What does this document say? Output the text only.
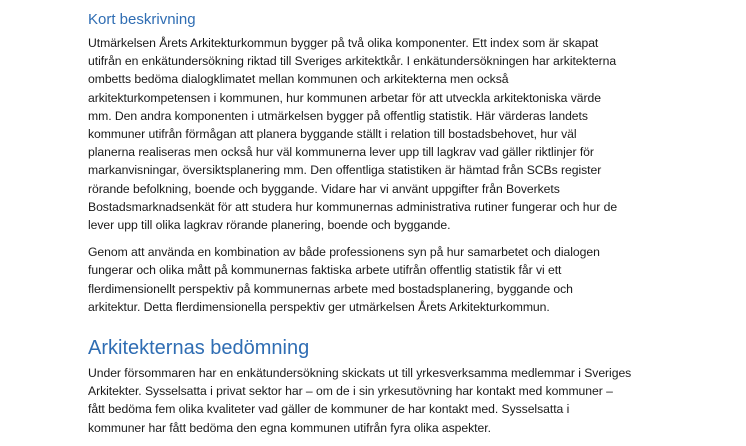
Kort beskrivning

Utmärkelsen Årets Arkitekturkommun bygger på två olika komponenter. Ett index som är skapat
utifrån en enkätundersökning riktad till Sveriges arkitektkår. I enkätundersökningen har arkitekterna
ombetts bedöma dialogklimatet mellan kommunen och arkitekterna men också
arkitekturkompetensen i kommunen, hur kommunen arbetar för att utveckla arkitektoniska värde
mm. Den andra komponenten i utmärkelsen bygger på offentlig statistik. Här värderas landets
kommuner utifrån förmågan att planera byggande ställt i relation till bostadsbehovet, hur väl
planerna realiseras men också hur väl kommunerna lever upp till lagkrav vad gäller riktlinjer för
markanvisningar, översiktsplanering mm. Den offentliga statistiken är hämtad från SCBs register
rörande befolkning, boende och byggande. Vidare har vi använt uppgifter från Boverkets
Bostadsmarknadsenkät för att studera hur kommunernas administrativa rutiner fungerar och hur de
lever upp till olika lagkrav rörande planering, boende och byggande.

Genom att använda en kombination av både professionens syn på hur samarbetet och dialogen
fungerar och olika mått på kommunernas faktiska arbete utifrån offentlig statistik får vi ett
flerdimensionellt perspektiv på kommunernas arbete med bostadsplanering, byggande och
arkitektur. Detta flerdimensionella perspektiv ger utmärkelsen Årets Arkitekturkommun.

Arkitekternas bedömning

Under försommaren har en enkätundersökning skickats ut till yrkesverksamma medlemmar i Sveriges
Arkitekter. Sysselsatta i privat sektor har – om de i sin yrkesutövning har kontakt med kommuner –
fått bedöma fem olika kvaliteter vad gäller de kommuner de har kontakt med. Sysselsatta i
kommuner har fått bedöma den egna kommunen utifrån fyra olika aspekter.
